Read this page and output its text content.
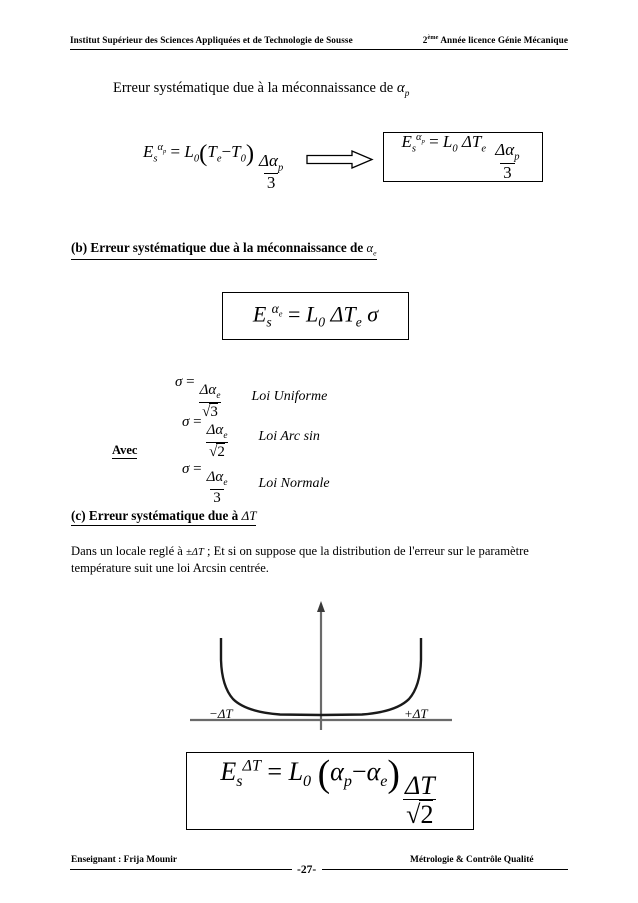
Institut Supérieur des Sciences Appliquées et de Technologie de Sousse	2ème Année licence Génie Mécanique
Erreur systématique due à la méconnaissance de $\alpha_p$
$E_s^{\alpha_p} = L_0(T_e-T_0) \frac{\Delta\alpha_p}{3}$
$E_s^{\alpha_p} = L_0$ $\Delta T_e \frac{\Delta\alpha_p}{3}$
(b) Erreur systématique due à la méconnaissance de $\alpha_e$
$E_s^{\alpha_e} = L_0$ $\Delta T_e$ σ
σ =
$\frac{\Delta\alpha_e}{√3}$ Loi Uniforme
σ =
$\frac{\Delta\alpha_e}{√2}$ Loi Arc sin
σ =
$\frac{\Delta\alpha_e}{3}$ Loi Normale
Avec
(c) Erreur systématique due à ΔT
Dans un locale reglé à ±ΔT ; Et si on suppose que la distribution de l'erreur sur le paramètre température suit une loi Arcsin centrée.
−ΔT	+ΔT
$E_s^{\Delta T} = L_0$ $(\alpha_p-\alpha_e) \frac{\Delta T}{√2}$
Enseignant : Frija Mounir
-27-
Métrologie & Contrôle Qualité
